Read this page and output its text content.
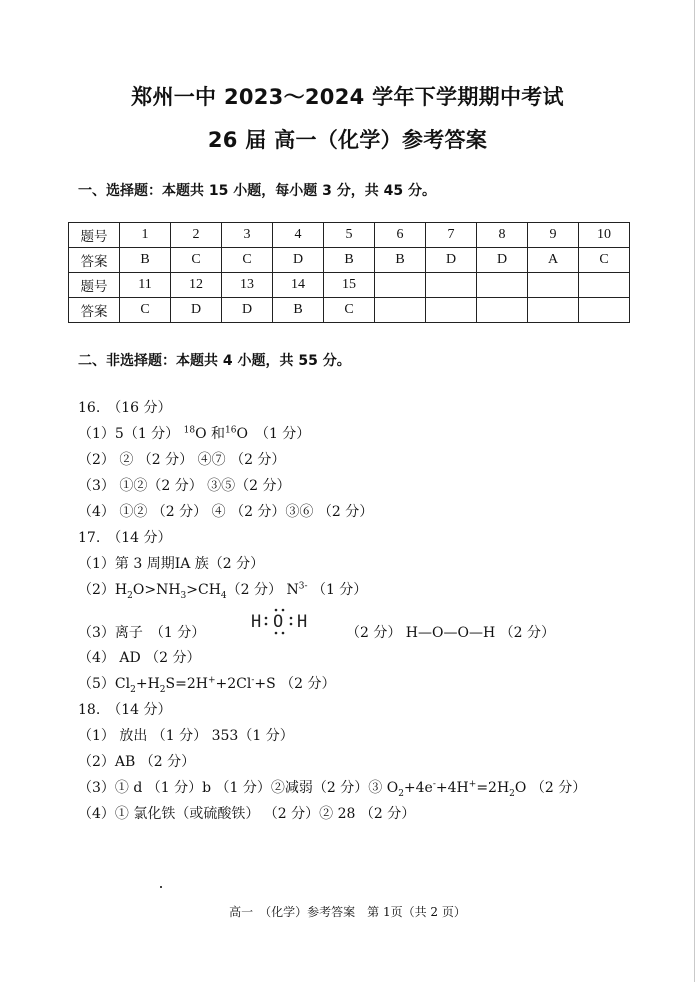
郑州一中 2023～2024 学年下学期期中考试
26 届 高一（化学）参考答案
一、选择题：本题共 15 小题，每小题 3 分，共 45 分。
题号	1	2	3	4	5	6	7	8	9	10
答案	B	C	C	D	B	B	D	D	A	C
题号	11	12	13	14	15					
答案	C	D	D	B	C					
二、非选择题：本题共 4 小题，共 55 分。
16.　（16 分）
（1）5（1 分） $^{18}$O 和$^{16}$O　（1 分）
（2） ② （2 分） ④⑦ （2 分）
（3） ①②（2 分） ③⑤（2 分）
（4） ①② （2 分） ④ （2 分）③⑥ （2 分）
17.　（14 分）
（1）第 3 周期ⅠA 族（2 分）
$(2)H_2O>NH_3>CH_4(2$ 分） $N^{3-}$ （1 分）
（3）离子　（1 分）
H O H
（2 分） H—O—O—H （2 分）
（4） AD （2 分）
$(5)Cl_2+H_2S=2H^++2Cl^-+S$ （2 分）
18.　（14 分）
（1） 放出 （1 分） 353（1 分）
（2）AB （2 分）
（3）① d （1 分）b （1 分）②减弱（2 分）③ $O_2+4e^-+4H^+=2H_2O$ （2 分）
（4）① 氯化铁（或硫酸铁） （2 分）② 28 （2 分）
高一　（化学）参考答案　第 1页（共 2 页）
